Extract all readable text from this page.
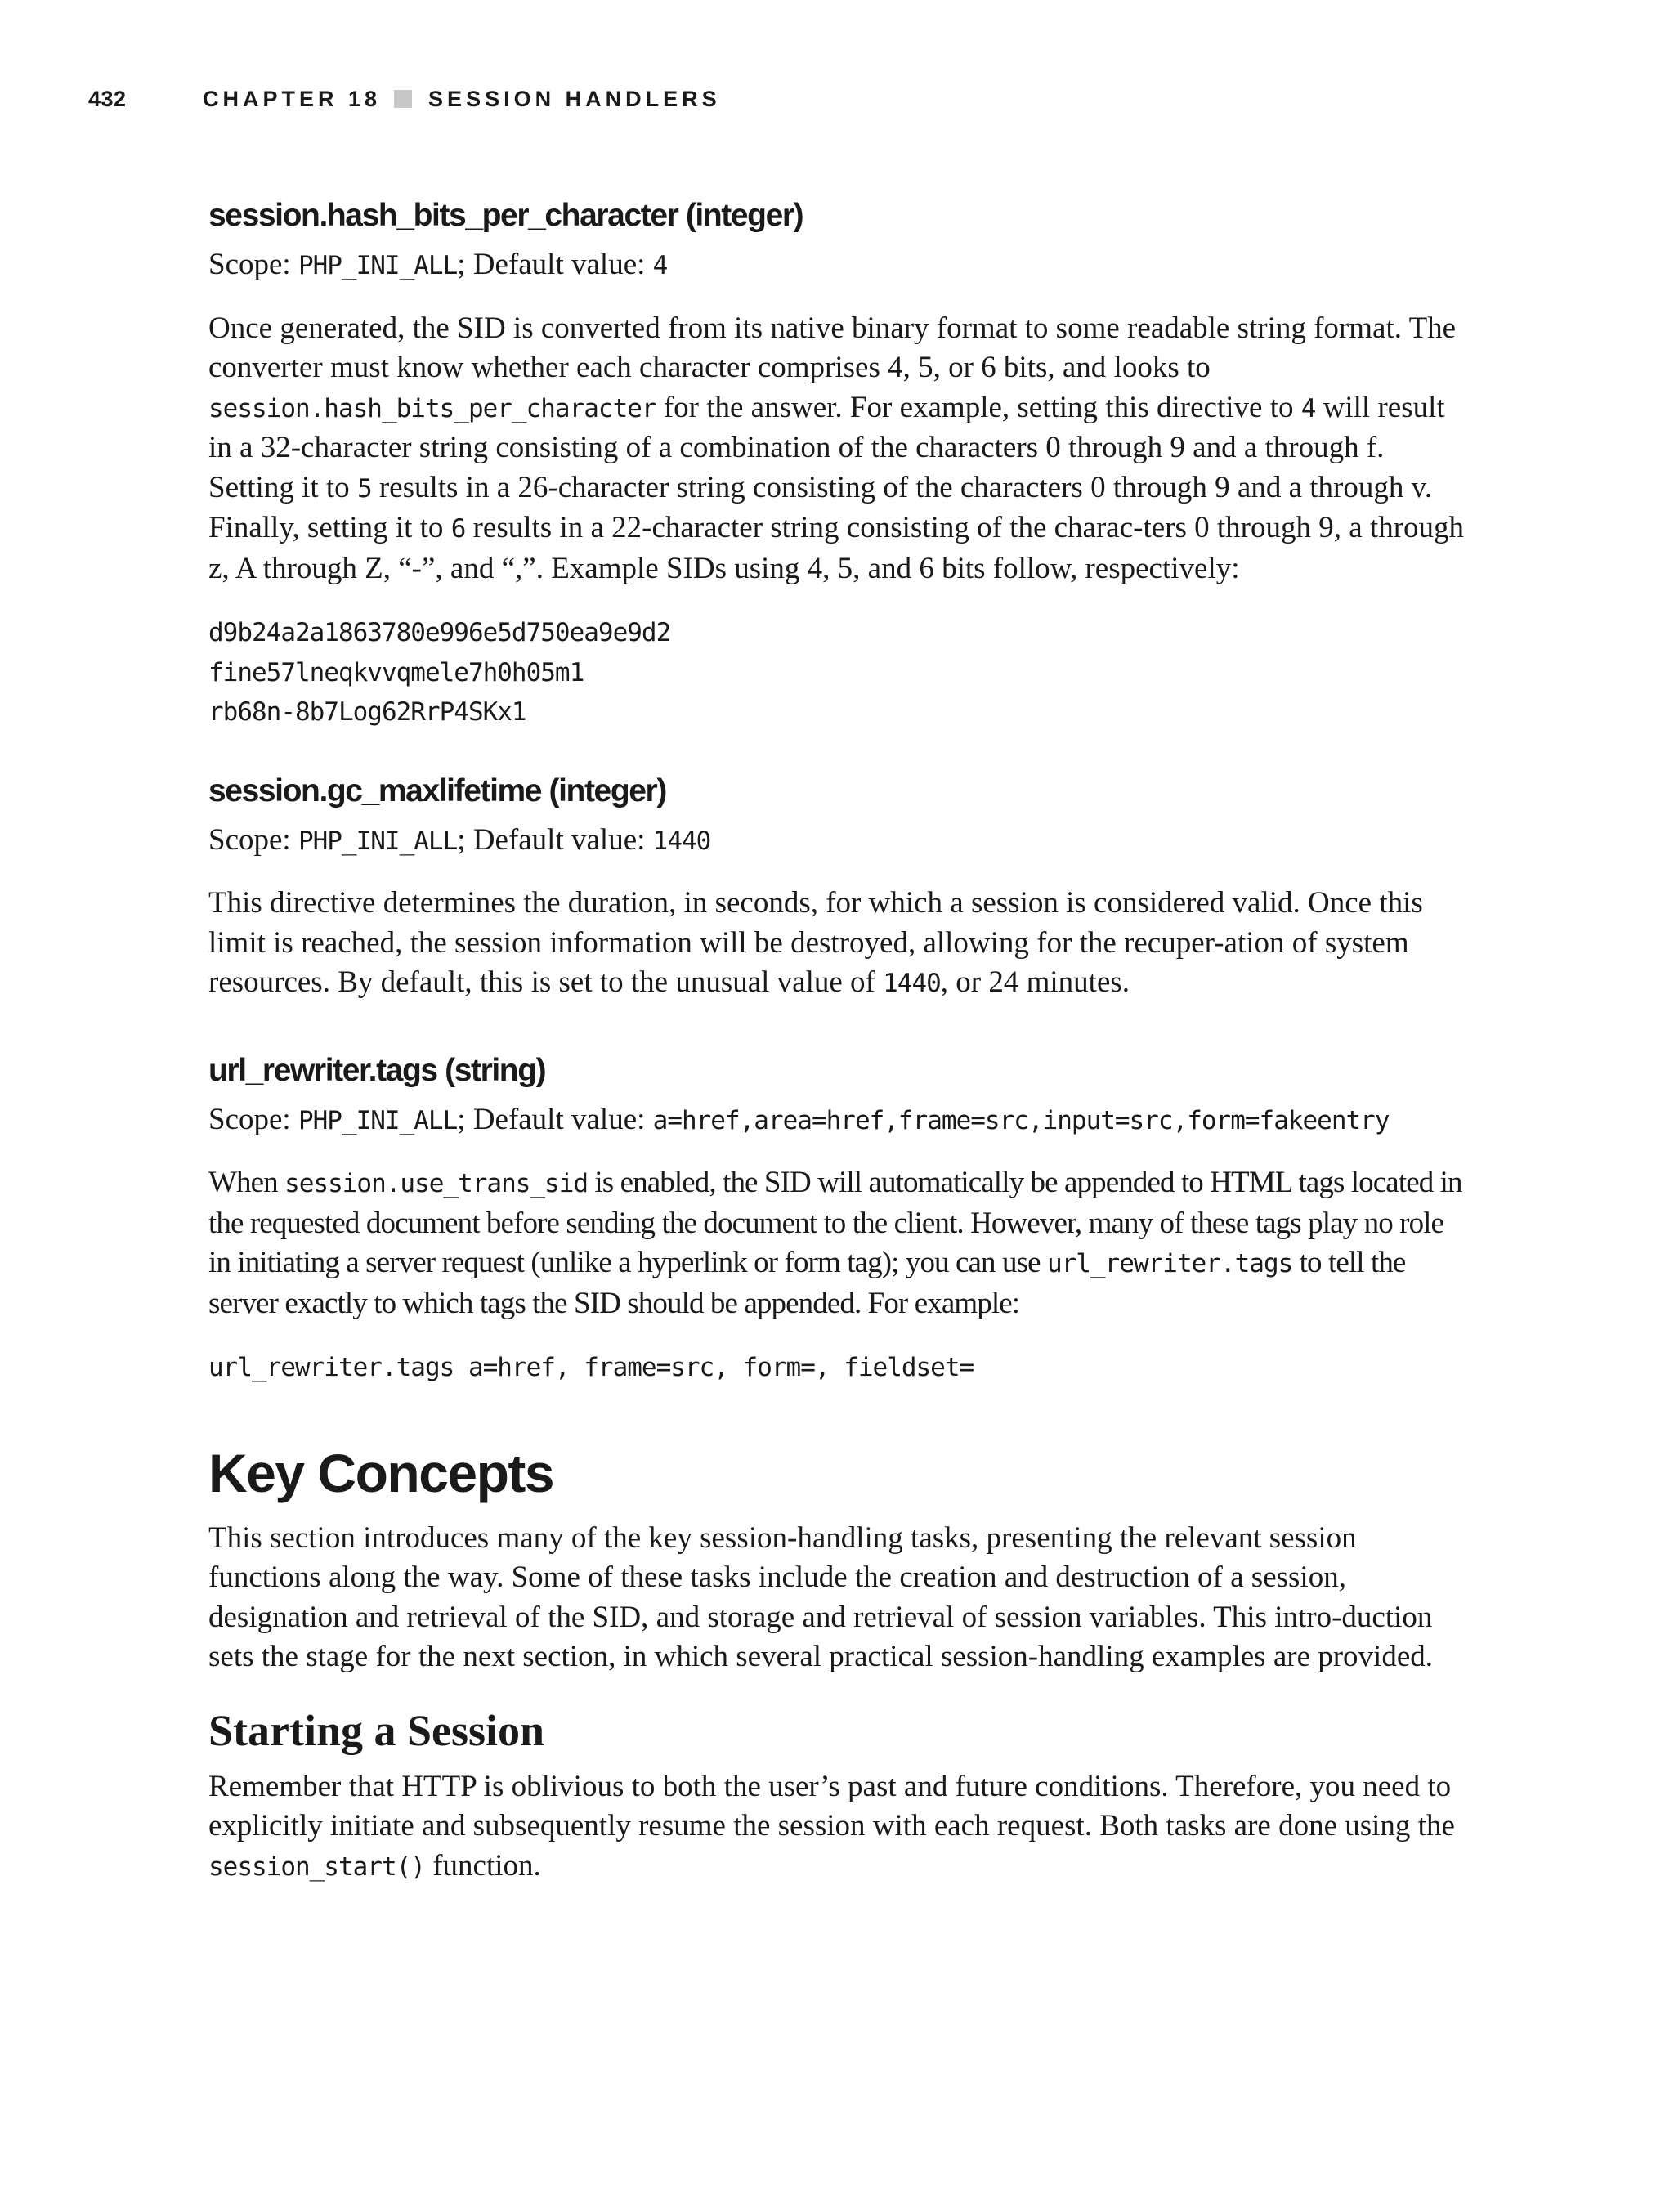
432	CHAPTER 18 SESSION HANDLERS
session.hash_bits_per_character (integer)

Scope: PHP_INI_ALL; Default value: 4

Once generated, the SID is converted from its native binary format to some readable string format. The converter must know whether each character comprises 4, 5, or 6 bits, and looks to session.hash_bits_per_character for the answer. For example, setting this directive to 4 will result in a 32-character string consisting of a combination of the characters 0 through 9 and a through f. Setting it to 5 results in a 26-character string consisting of the characters 0 through 9 and a through v. Finally, setting it to 6 results in a 22-character string consisting of the charac-ters 0 through 9, a through z, A through Z, “-”, and “,”. Example SIDs using 4, 5, and 6 bits follow, respectively:

d9b24a2a1863780e996e5d750ea9e9d2
fine57lneqkvvqmele7h0h05m1
rb68n-8b7Log62RrP4SKx1
session.gc_maxlifetime (integer)

Scope: PHP_INI_ALL; Default value: 1440

This directive determines the duration, in seconds, for which a session is considered valid. Once this limit is reached, the session information will be destroyed, allowing for the recuper-ation of system resources. By default, this is set to the unusual value of 1440, or 24 minutes.

url_rewriter.tags (string)

Scope: PHP_INI_ALL; Default value: a=href,area=href,frame=src,input=src,form=fakeentry

When session.use_trans_sid is enabled, the SID will automatically be appended to HTML tags located in the requested document before sending the document to the client. However, many of these tags play no role in initiating a server request (unlike a hyperlink or form tag); you can use url_rewriter.tags to tell the server exactly to which tags the SID should be appended. For example:

url_rewriter.tags a=href, frame=src, form=, fieldset=
Key Concepts

This section introduces many of the key session-handling tasks, presenting the relevant session functions along the way. Some of these tasks include the creation and destruction of a session, designation and retrieval of the SID, and storage and retrieval of session variables. This intro-duction sets the stage for the next section, in which several practical session-handling examples are provided.

Starting a Session

Remember that HTTP is oblivious to both the user’s past and future conditions. Therefore, you need to explicitly initiate and subsequently resume the session with each request. Both tasks are done using the session_start() function.
